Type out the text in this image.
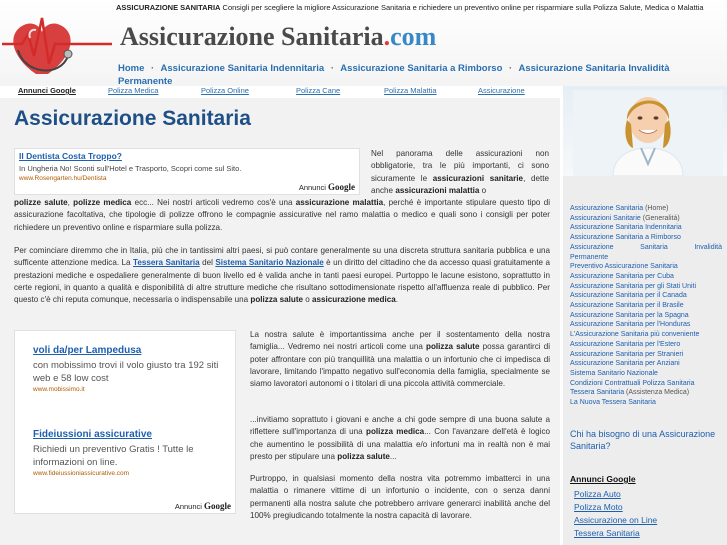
ASSICURAZIONE SANITARIA Consigli per scegliere la migliore Assicurazione Sanitaria e richiedere un preventivo online per risparmiare sulla Polizza Salute, Medica o Malattia
Assicurazione Sanitaria.com
Home · Assicurazione Sanitaria Indennitaria · Assicurazione Sanitaria a Rimborso · Assicurazione Sanitaria Invalidità Permanente
Annunci Google	Polizza Medica	Polizza Online	Polizza Cane	Polizza Malattia	Assicurazione
Assicurazione Sanitaria
Il Dentista Costa Troppo?
In Ungheria No! Sconti sull'Hotel e Trasporto, Scopri come sul Sito.
www.Rosengarten.hu/Dentista
Annunci Google
Nel panorama delle assicurazioni non obbligatorie, tra le più importanti, ci sono sicuramente le assicurazioni sanitarie, dette anche assicurazioni malattia o
polizze salute, polizze medica ecc... Nei nostri articoli vedremo cos'è una assicurazione malattia, perché è importante stipulare questo tipo di assicurazione facoltativa, che tipologie di polizze offrono le compagnie assicurative nel ramo malattia o medico e quali sono i consigli per poter richiedere un preventivo online e risparmiare sulla polizza.
Per cominciare diremmo che in Italia, più che in tantissimi altri paesi, si può contare generalmente su una discreta struttura sanitaria pubblica e una sufficente attenzione medica. La Tessera Sanitaria del Sistema Sanitario Nazionale è un diritto del cittadino che da accesso quasi gratuitamente a prestazioni mediche e ospedaliere generalmente di buon livello ed è valida anche in tanti paesi europei. Purtoppo le lacune esistono, soprattutto in certe regioni, in quanto a qualità e disponibilità di altre strutture mediche che risultano sottodimensionate rispetto all'affluenza reale di pubblico. Per questo c'è chi reputa comunque, necessaria o indispensabile una polizza salute o assicurazione medica.
voli da/per Lampedusa
con mobissimo trovi il volo giusto tra 192 siti web e 58 low cost
www.mobissimo.it
Fideiussioni assicurative
Richiedi un preventivo Gratis ! Tutte le informazioni on line.
www.fideiussioniassicurative.com
Annunci Google
La nostra salute è importantissima anche per il sostentamento della nostra famiglia... Vedremo nei nostri articoli come una polizza salute possa garantirci di poter affrontare con più tranquillità una malattia o un infortunio che ci impedisca di lavorare, limitando l'impatto negativo sull'economia della famiglia, specialmente se siamo lavoratori autonomi o i titolari di una piccola attività commerciale.
...invitiamo soprattuto i giovani e anche a chi gode sempre di una buona salute a riflettere sull'importanza di una polizza medica... Con l'avanzare dell'età è logico che aumentino le possibilità di una malattia e/o infortuni ma in realtà non è mai presto per stipulare una polizza salute...
Purtroppo, in qualsiasi momento della nostra vita potremmo imbatterci in una malattia o rimanere vittime di un infortunio o incidente, con o senza danni permanenti alla nostra salute che potrebbero arrivare generarci inabilità anche del 100% pregiudicando totalmente la nostra capacità di lavorare.
Assicurazione Sanitaria (Home)
Assicurazioni Sanitarie (Generalità)
Assicurazione Sanitaria Indennitaria
Assicurazione Sanitaria a Rimborso
Assicurazione Sanitaria Invalidità
Permanente
Preventivo Assicurazione Sanitaria
Assicurazione Sanitaria per Cuba
Assicurazione Sanitaria per gli Stati Uniti
Assicurazione Sanitaria per il Canada
Assicurazione Sanitaria per il Brasile
Assicurazione Sanitaria per la Spagna
Assicurazione Sanitaria per l'Honduras
L'Assicurazione Sanitaria più conveniente
Assicurazione Sanitaria per l'Estero
Assicurazione Sanitaria per Stranieri
Assicurazione Sanitaria per Anziani
Sistema Sanitario Nazionale
Condizioni Contrattuali Polizza Sanitaria
Tessera Sanitaria (Assistenza Medica)
La Nuova Tessera Sanitaria
Chi ha bisogno di una Assicurazione Sanitaria?
Annunci Google
Polizza Auto
Polizza Moto
Assicurazione on Line
Tessera Sanitaria
